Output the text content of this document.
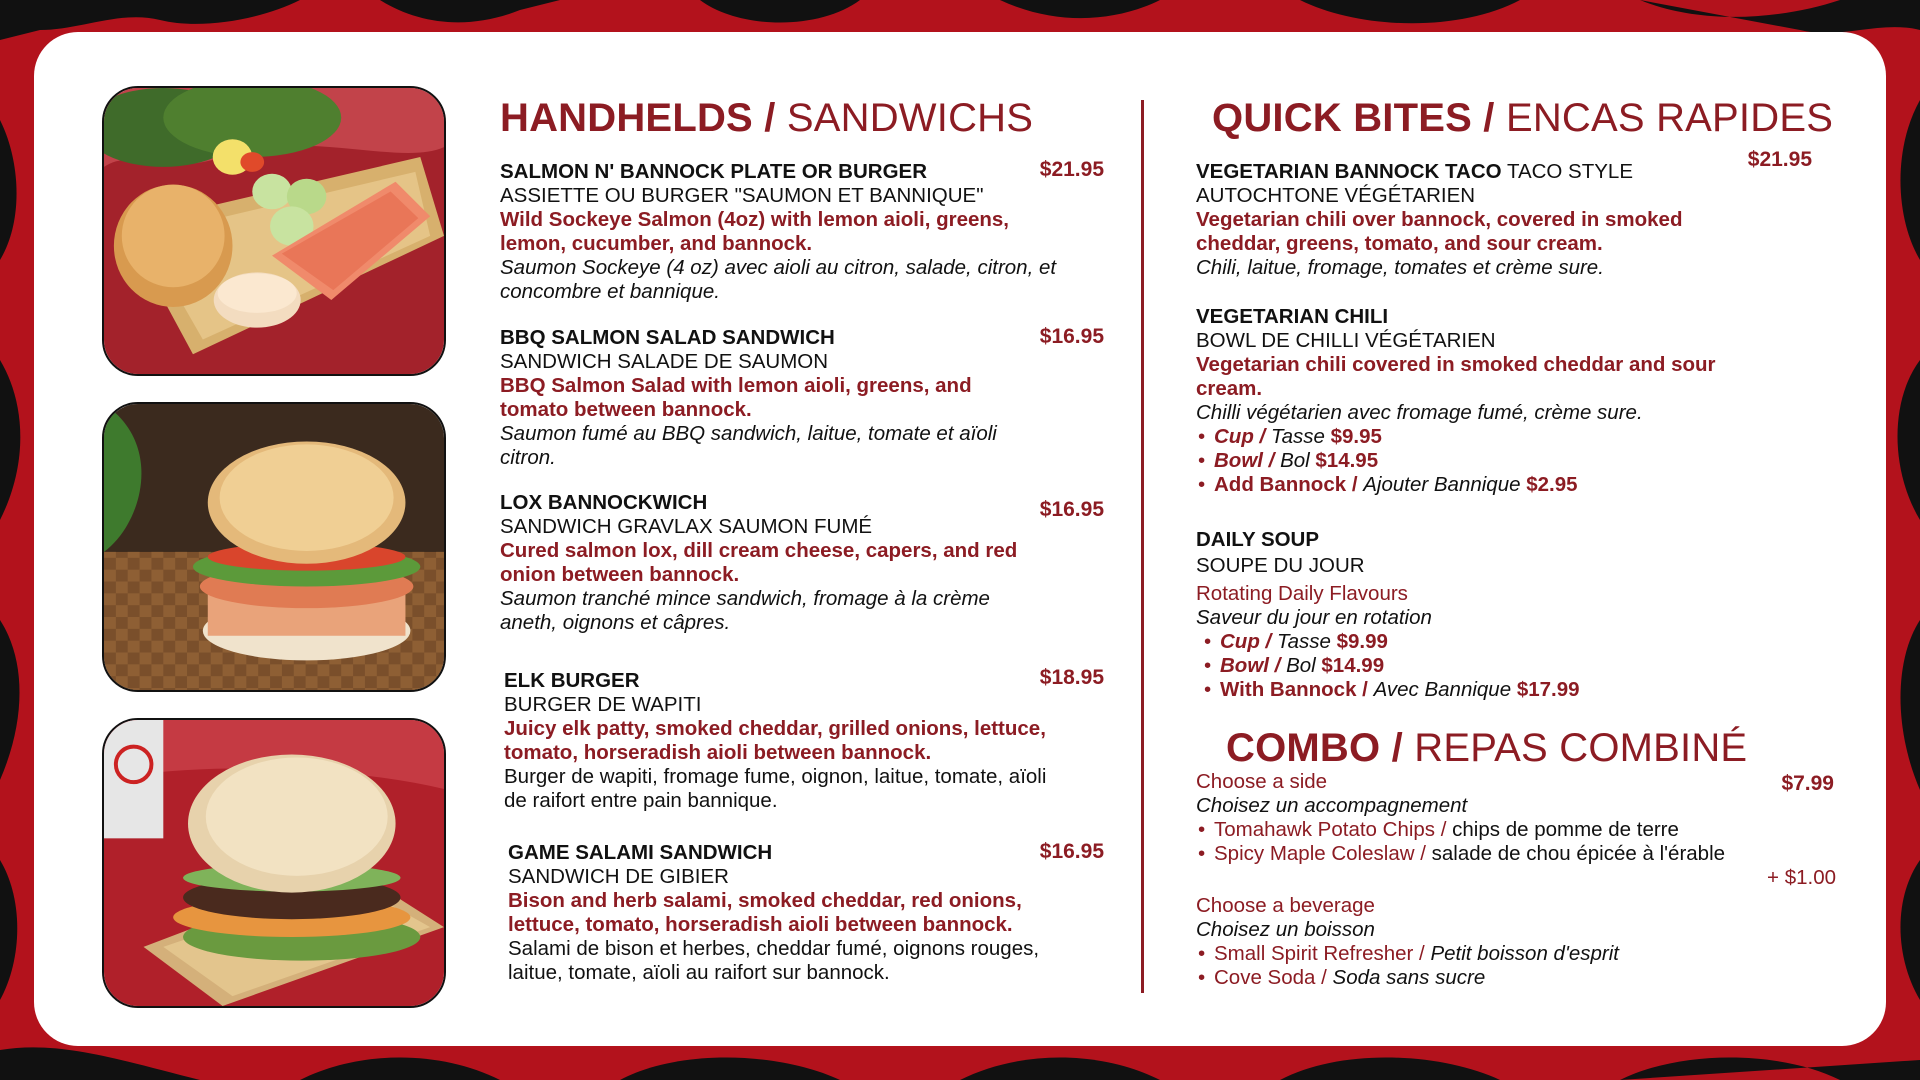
HANDHELDS / SANDWICHS
SALMON N' BANNOCK PLATE OR BURGER
ASSIETTE OU BURGER "SAUMON ET BANNIQUE"
Wild Sockeye Salmon (4oz) with lemon aioli, greens, lemon, cucumber, and bannock.
Saumon Sockeye (4 oz) avec aioli au citron, salade, citron, et concombre et bannique.
$21.95
BBQ SALMON SALAD SANDWICH
SANDWICH SALADE DE SAUMON
BBQ Salmon Salad with lemon aioli, greens, and tomato between bannock.
Saumon fumé au BBQ sandwich, laitue, tomate et aïoli citron.
$16.95
LOX BANNOCKWICH
SANDWICH GRAVLAX SAUMON FUMÉ
Cured salmon lox, dill cream cheese, capers, and red onion between bannock.
Saumon tranché mince sandwich, fromage à la crème aneth, oignons et câpres.
$16.95
ELK BURGER
BURGER DE WAPITI
Juicy elk patty, smoked cheddar, grilled onions, lettuce, tomato, horseradish aioli between bannock.
Burger de wapiti, fromage fume, oignon, laitue, tomate, aïoli de raifort entre pain bannique.
$18.95
GAME SALAMI SANDWICH
SANDWICH DE GIBIER
Bison and herb salami, smoked cheddar, red onions, lettuce, tomato, horseradish aioli between bannock.
Salami de bison et herbes, cheddar fumé, oignons rouges, laitue, tomate, aïoli au raifort sur bannock.
$16.95
QUICK BITES / ENCAS RAPIDES
VEGETARIAN BANNOCK TACO TACO STYLE
AUTOCHTONE VÉGÉTARIEN
Vegetarian chili over bannock, covered in smoked cheddar, greens, tomato, and sour cream.
Chili, laitue, fromage, tomates et crème sure.
$21.95
VEGETARIAN CHILI
BOWL DE CHILLI VÉGÉTARIEN
Vegetarian chili covered in smoked cheddar and sour cream.
Chilli végétarien avec fromage fumé, crème sure.
• Cup / Tasse $9.95
• Bowl / Bol $14.95
• Add Bannock / Ajouter Bannique $2.95
DAILY SOUP
SOUPE DU JOUR
Rotating Daily Flavours
Saveur du jour en rotation
• Cup / Tasse $9.99
• Bowl / Bol $14.99
• With Bannock / Avec Bannique $17.99
COMBO / REPAS COMBINÉ
$7.99
Choose a side
Choisez un accompagnement
• Tomahawk Potato Chips / chips de pomme de terre
• Spicy Maple Coleslaw / salade de chou épicée à l'érable
+ $1.00
Choose a beverage
Choisez un boisson
• Small Spirit Refresher / Petit boisson d'esprit
• Cove Soda / Soda sans sucre
